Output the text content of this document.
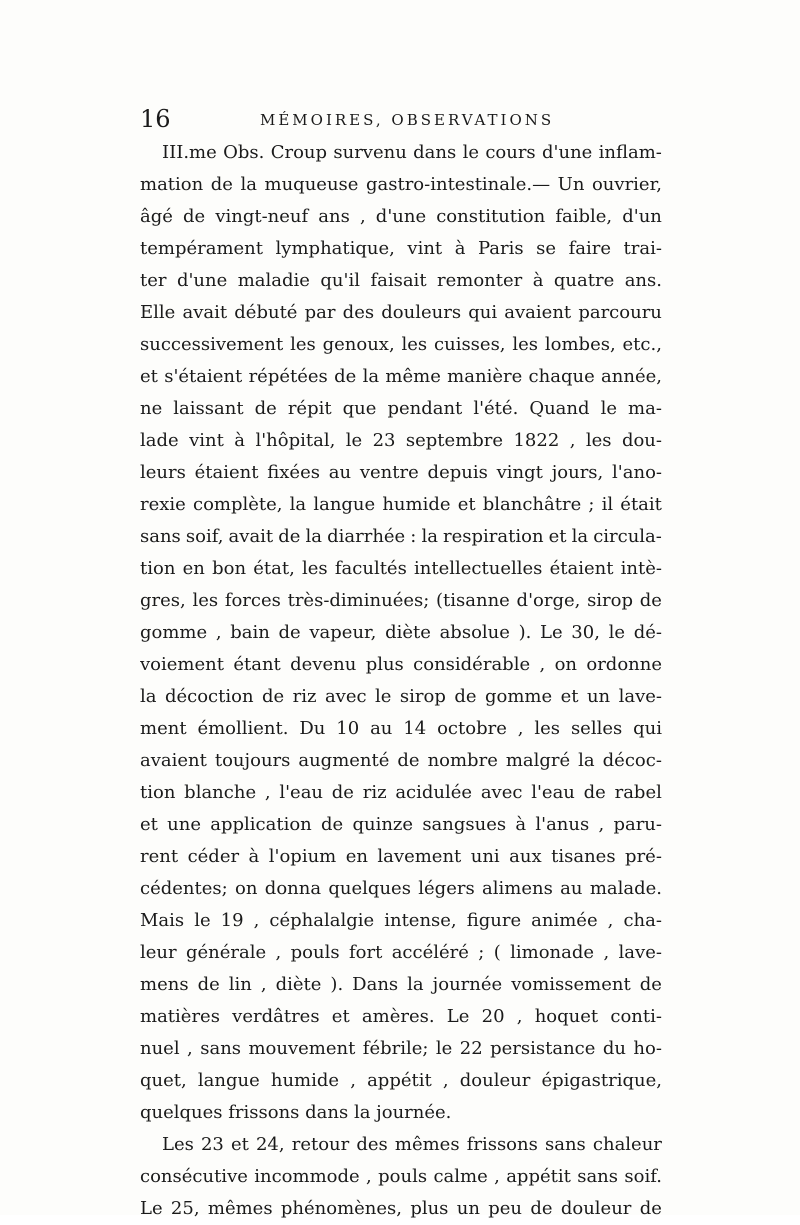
16	MÉMOIRES, OBSERVATIONS
III.me Obs. Croup survenu dans le cours d'une inflam-
mation de la muqueuse gastro-intestinale.— Un ouvrier,
âgé de vingt-neuf ans , d'une constitution faible, d'un
tempérament lymphatique, vint à Paris se faire trai-
ter d'une maladie qu'il faisait remonter à quatre ans.
Elle avait débuté par des douleurs qui avaient parcouru
successivement les genoux, les cuisses, les lombes, etc.,
et s'étaient répétées de la même manière chaque année,
ne laissant de répit que pendant l'été. Quand le ma-
lade vint à l'hôpital, le 23 septembre 1822 , les dou-
leurs étaient fixées au ventre depuis vingt jours, l'ano-
rexie complète, la langue humide et blanchâtre ; il était
sans soif, avait de la diarrhée : la respiration et la circula-
tion en bon état, les facultés intellectuelles étaient intè-
gres, les forces très-diminuées; (tisanne d'orge, sirop de
gomme , bain de vapeur, diète absolue ). Le 30, le dé-
voiement étant devenu plus considérable , on ordonne
la décoction de riz avec le sirop de gomme et un lave-
ment émollient. Du 10 au 14 octobre , les selles qui
avaient toujours augmenté de nombre malgré la décoc-
tion blanche , l'eau de riz acidulée avec l'eau de rabel
et une application de quinze sangsues à l'anus , paru-
rent céder à l'opium en lavement uni aux tisanes pré-
cédentes; on donna quelques légers alimens au malade.
Mais le 19 , céphalalgie intense, figure animée , cha-
leur générale , pouls fort accéléré ; ( limonade , lave-
mens de lin , diète ). Dans la journée vomissement de
matières verdâtres et amères. Le 20 , hoquet conti-
nuel , sans mouvement fébrile; le 22 persistance du ho-
quet, langue humide , appétit , douleur épigastrique,
quelques frissons dans la journée.
Les 23 et 24, retour des mêmes frissons sans chaleur
consécutive incommode , pouls calme , appétit sans soif.
Le 25, mêmes phénomènes, plus un peu de douleur de
